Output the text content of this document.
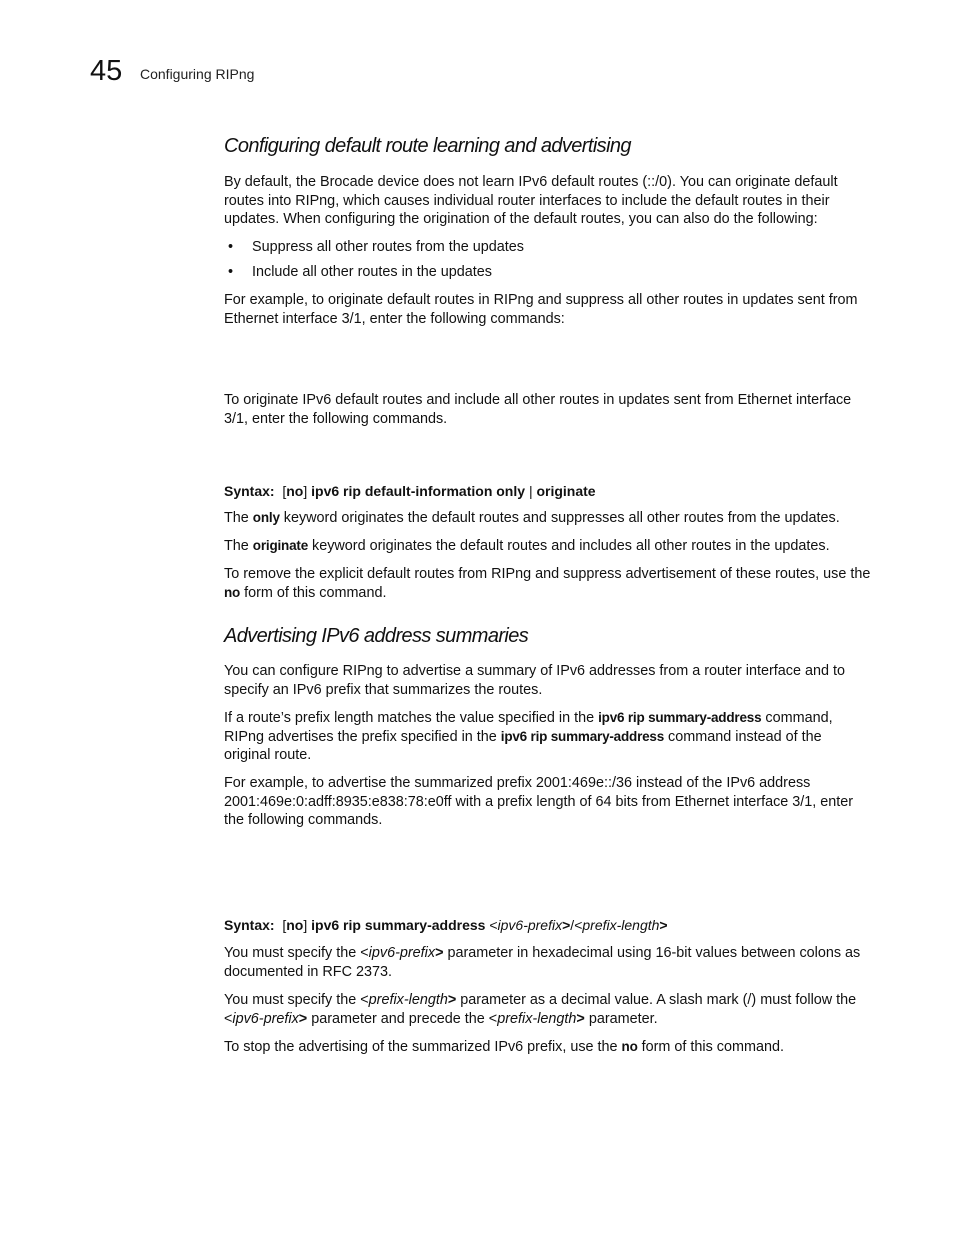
45 Configuring RIPng
Configuring default route learning and advertising

By default, the Brocade device does not learn IPv6 default routes (::/0). You can originate default routes into RIPng, which causes individual router interfaces to include the default routes in their updates. When configuring the origination of the default routes, you can also do the following:

• Suppress all other routes from the updates
• Include all other routes in the updates

For example, to originate default routes in RIPng and suppress all other routes in updates sent from Ethernet interface 3/1, enter the following commands:

To originate IPv6 default routes and include all other routes in updates sent from Ethernet interface 3/1, enter the following commands.

Syntax: [no] ipv6 rip default-information only | originate

The only keyword originates the default routes and suppresses all other routes from the updates.

The originate keyword originates the default routes and includes all other routes in the updates.

To remove the explicit default routes from RIPng and suppress advertisement of these routes, use the no form of this command.

Advertising IPv6 address summaries

You can configure RIPng to advertise a summary of IPv6 addresses from a router interface and to specify an IPv6 prefix that summarizes the routes.

If a route’s prefix length matches the value specified in the ipv6 rip summary-address command, RIPng advertises the prefix specified in the ipv6 rip summary-address command instead of the original route.

For example, to advertise the summarized prefix 2001:469e::/36 instead of the IPv6 address 2001:469e:0:adff:8935:e838:78:e0ff with a prefix length of 64 bits from Ethernet interface 3/1, enter the following commands.

Syntax: [no] ipv6 rip summary-address <ipv6-prefix>/<prefix-length>

You must specify the <ipv6-prefix> parameter in hexadecimal using 16-bit values between colons as documented in RFC 2373.

You must specify the <prefix-length> parameter as a decimal value. A slash mark (/) must follow the <ipv6-prefix> parameter and precede the <prefix-length> parameter.

To stop the advertising of the summarized IPv6 prefix, use the no form of this command.
